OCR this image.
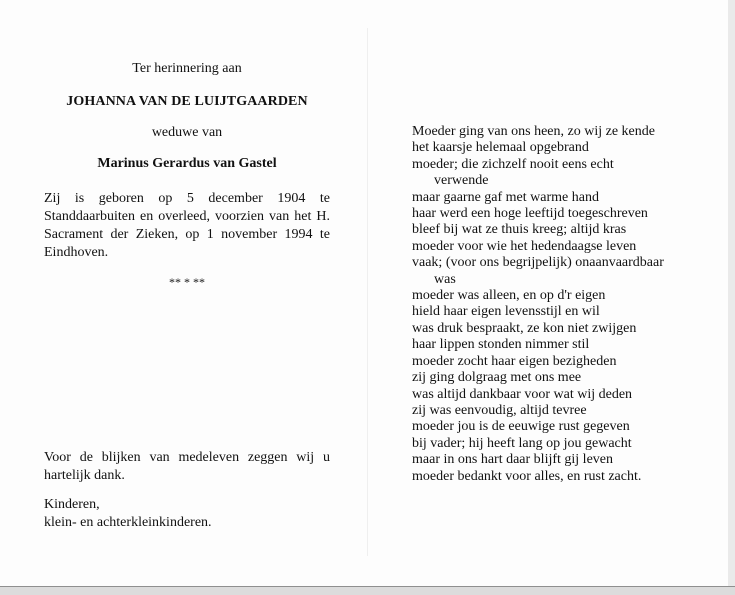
Ter herinnering aan
JOHANNA VAN DE LUIJTGAARDEN
weduwe van
Marinus Gerardus van Gastel
Zij is geboren op 5 december 1904 te Standdaarbuiten en overleed, voorzien van het H. Sacrament der Zieken, op 1 november 1994 te Eindhoven.
** * **
Voor de blijken van medeleven zeggen wij u hartelijk dank.
Kinderen,
klein- en achterkleinkinderen.
Moeder ging van ons heen, zo wij ze kende
het kaarsje helemaal opgebrand
moeder; die zichzelf nooit eens echt
verwende
maar gaarne gaf met warme hand
haar werd een hoge leeftijd toegeschreven
bleef bij wat ze thuis kreeg; altijd kras
moeder voor wie het hedendaagse leven
vaak; (voor ons begrijpelijk) onaanvaardbaar
was
moeder was alleen, en op d'r eigen
hield haar eigen levensstijl en wil
was druk bespraakt, ze kon niet zwijgen
haar lippen stonden nimmer stil
moeder zocht haar eigen bezigheden
zij ging dolgraag met ons mee
was altijd dankbaar voor wat wij deden
zij was eenvoudig, altijd tevree
moeder jou is de eeuwige rust gegeven
bij vader; hij heeft lang op jou gewacht
maar in ons hart daar blijft gij leven
moeder bedankt voor alles, en rust zacht.
